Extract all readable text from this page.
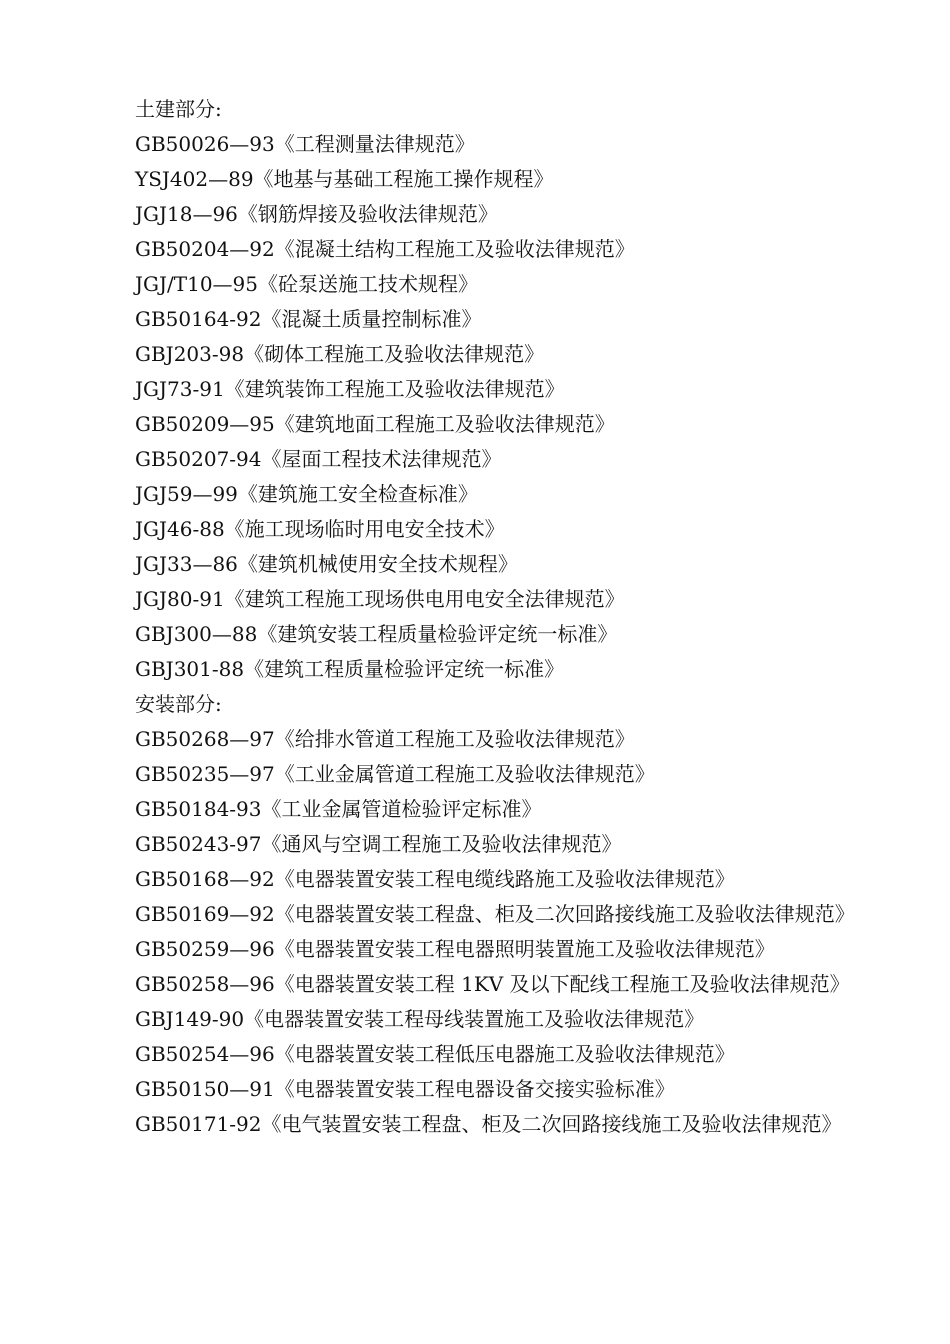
土建部分:

GB50026—93《工程测量法律规范》

YSJ402—89《地基与基础工程施工操作规程》

JGJ18—96《钢筋焊接及验收法律规范》

GB50204—92《混凝土结构工程施工及验收法律规范》

JGJ/T10—95《砼泵送施工技术规程》

GB50164-92《混凝土质量控制标准》

GBJ203-98《砌体工程施工及验收法律规范》

JGJ73-91《建筑装饰工程施工及验收法律规范》

GB50209—95《建筑地面工程施工及验收法律规范》

GB50207-94《屋面工程技术法律规范》

JGJ59—99《建筑施工安全检查标准》

JGJ46-88《施工现场临时用电安全技术》

JGJ33—86《建筑机械使用安全技术规程》

JGJ80-91《建筑工程施工现场供电用电安全法律规范》

GBJ300—88《建筑安装工程质量检验评定统一标准》

GBJ301-88《建筑工程质量检验评定统一标准》

安装部分:

GB50268—97《给排水管道工程施工及验收法律规范》

GB50235—97《工业金属管道工程施工及验收法律规范》

GB50184-93《工业金属管道检验评定标准》

GB50243-97《通风与空调工程施工及验收法律规范》

GB50168—92《电器装置安装工程电缆线路施工及验收法律规范》

GB50169—92《电器装置安装工程盘、柜及二次回路接线施工及验收法律规范》

GB50259—96《电器装置安装工程电器照明装置施工及验收法律规范》

GB50258—96《电器装置安装工程 1KV 及以下配线工程施工及验收法律规范》

GBJ149-90《电器装置安装工程母线装置施工及验收法律规范》

GB50254—96《电器装置安装工程低压电器施工及验收法律规范》

GB50150—91《电器装置安装工程电器设备交接实验标准》

GB50171-92《电气装置安装工程盘、柜及二次回路接线施工及验收法律规范》
